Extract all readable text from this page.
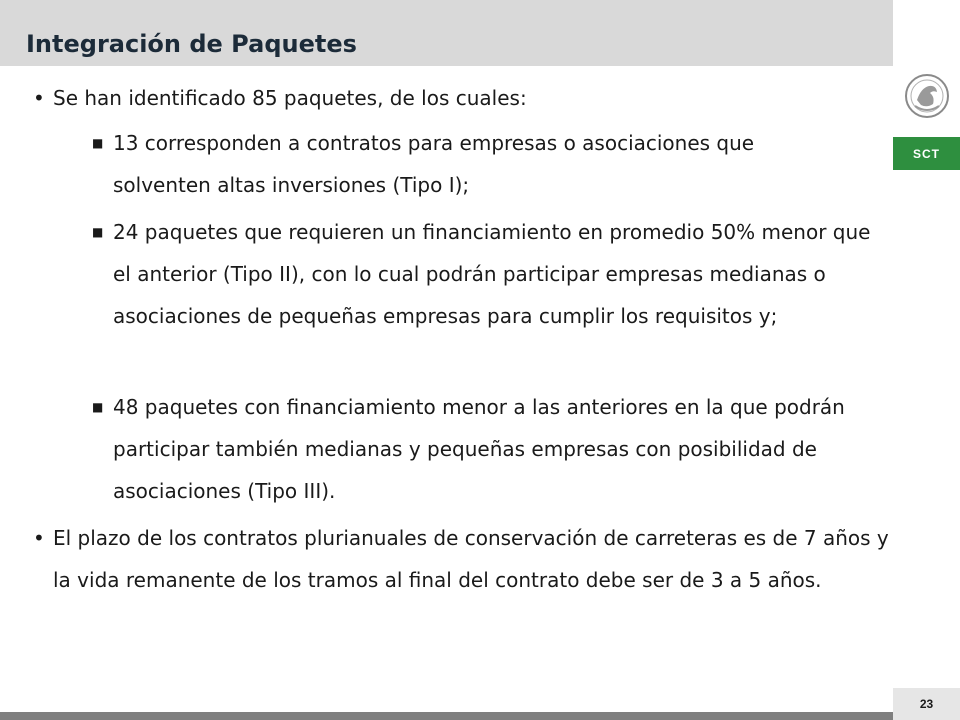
Integración de Paquetes
SCT
• Se han identificado 85 paquetes, de los cuales:
■ 13 corresponden a contratos para empresas o asociaciones que solventen altas inversiones (Tipo I);
■ 24 paquetes que requieren un financiamiento en promedio 50% menor que el anterior (Tipo II), con lo cual podrán participar empresas medianas o asociaciones de pequeñas empresas para cumplir los requisitos y;
■ 48 paquetes con financiamiento menor a las anteriores en la que podrán participar también medianas y pequeñas empresas con posibilidad de asociaciones (Tipo III).
• El plazo de los contratos plurianuales de conservación de carreteras es de 7 años y la vida remanente de los tramos al final del contrato debe ser de 3 a 5 años.
23
